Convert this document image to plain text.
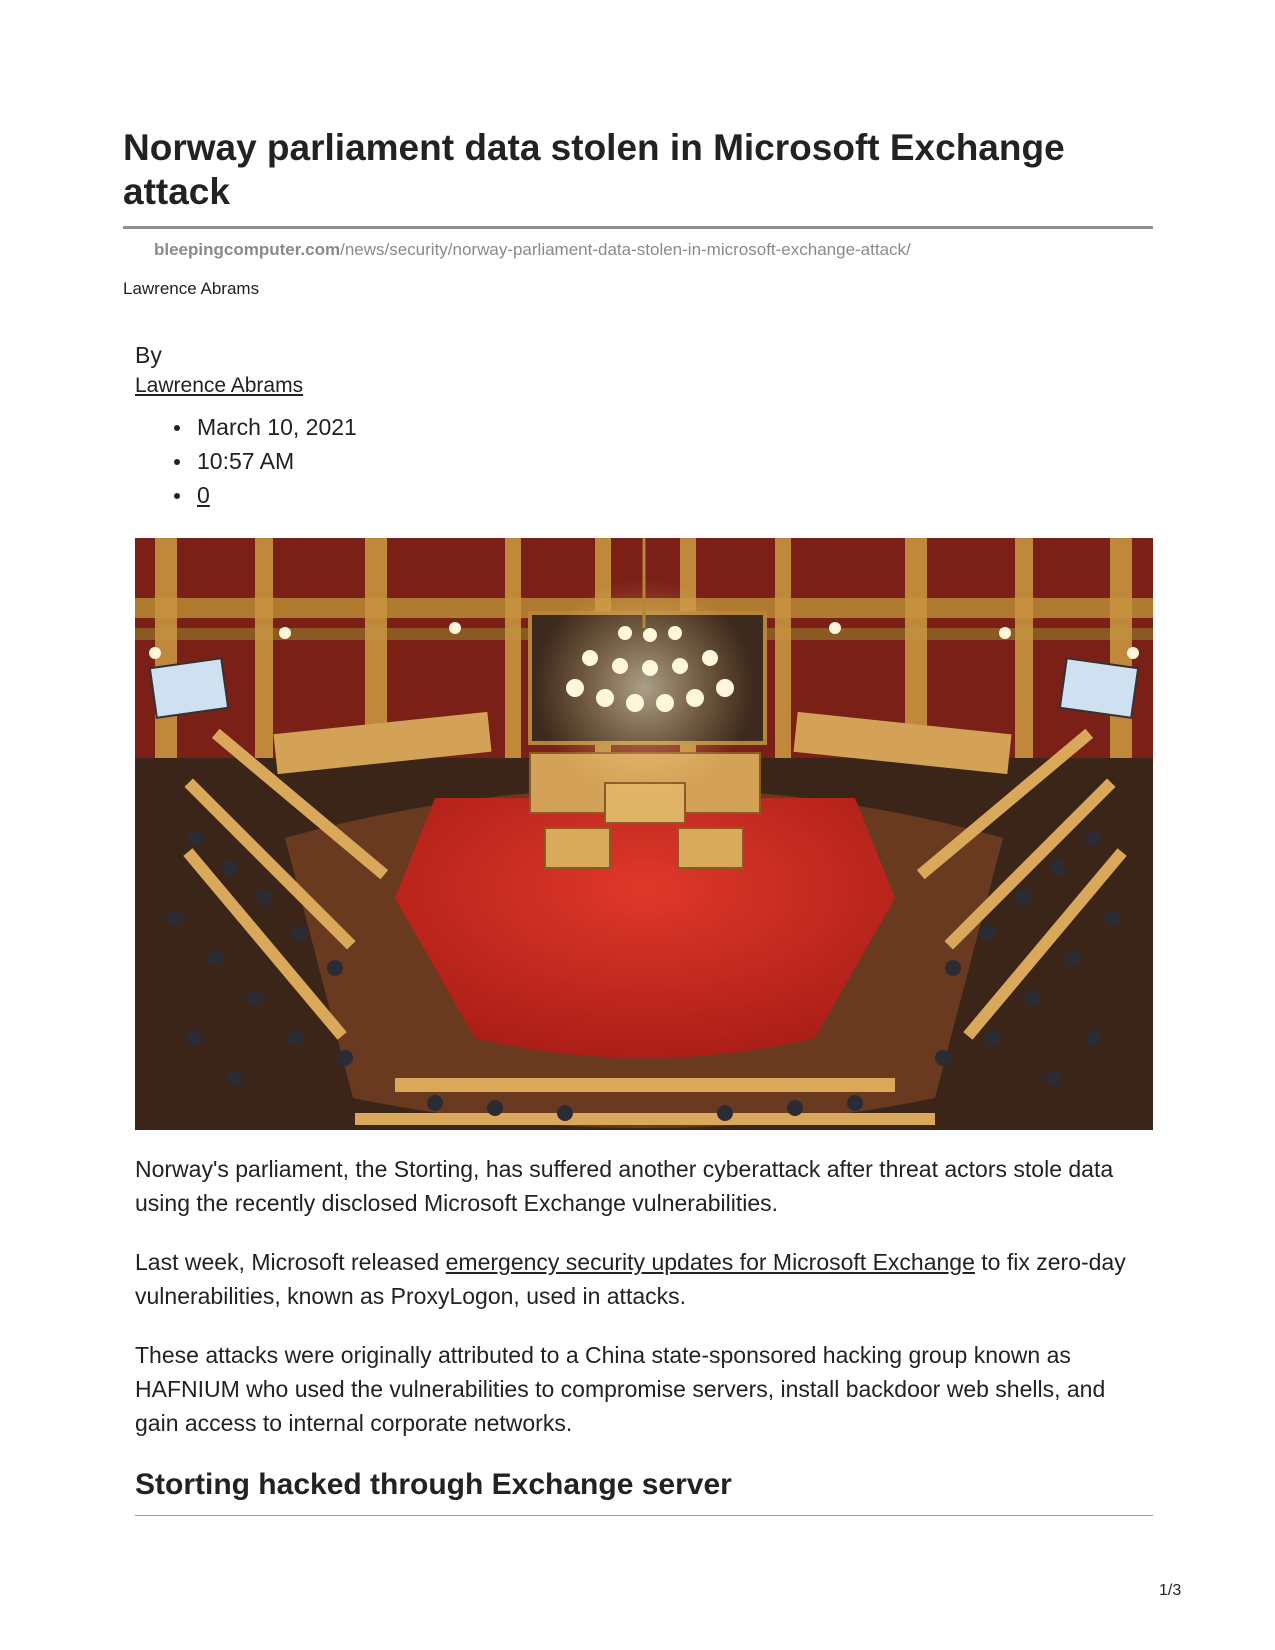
Norway parliament data stolen in Microsoft Exchange attack
bleepingcomputer.com/news/security/norway-parliament-data-stolen-in-microsoft-exchange-attack/
Lawrence Abrams
By
Lawrence Abrams
March 10, 2021
10:57 AM
0

Norway's parliament, the Storting, has suffered another cyberattack after threat actors stole data using the recently disclosed Microsoft Exchange vulnerabilities.

Last week, Microsoft released emergency security updates for Microsoft Exchange to fix zero-day vulnerabilities, known as ProxyLogon, used in attacks.

These attacks were originally attributed to a China state-sponsored hacking group known as HAFNIUM who used the vulnerabilities to compromise servers, install backdoor web shells, and gain access to internal corporate networks.

Storting hacked through Exchange server
1/3
